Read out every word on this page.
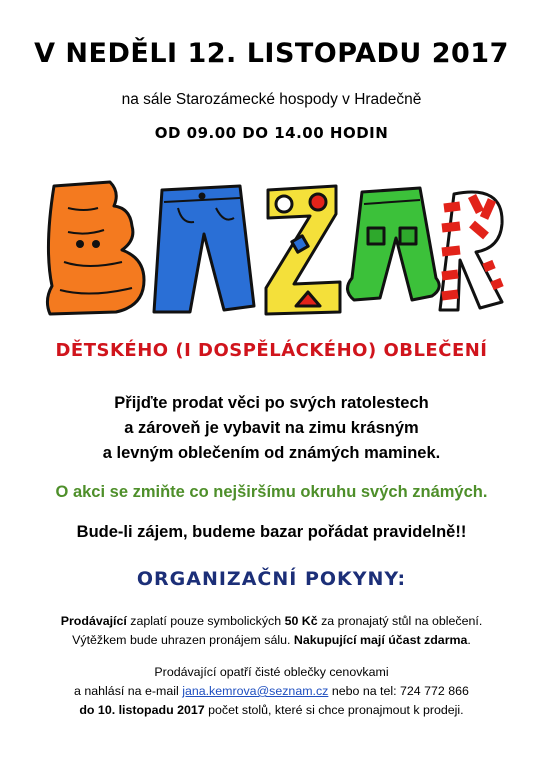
V NEDĚLI 12. LISTOPADU 2017
na sále Starozámecké hospody v Hradečně
OD 09.00 DO 14.00 HODIN
DĚTSKÉHO (I DOSPĚLÁCKÉHO) OBLEČENÍ
Přijďte prodat věci po svých ratolestech
a zároveň je vybavit na zimu krásným
a levným oblečením od známých maminek.
O akci se zmiňte co nejširšímu okruhu svých známých.
Bude-li zájem, budeme bazar pořádat pravidelně!!
ORGANIZAČNÍ POKYNY:
Prodávající zaplatí pouze symbolických 50 Kč za pronajatý stůl na oblečení.
Výtěžkem bude uhrazen pronájem sálu. Nakupující mají účast zdarma.
Prodávající opatří čisté oblečky cenovkami
a nahlásí na e-mail jana.kemrova@seznam.cz nebo na tel: 724 772 866
do 10. listopadu 2017 počet stolů, které si chce pronajmout k prodeji.
